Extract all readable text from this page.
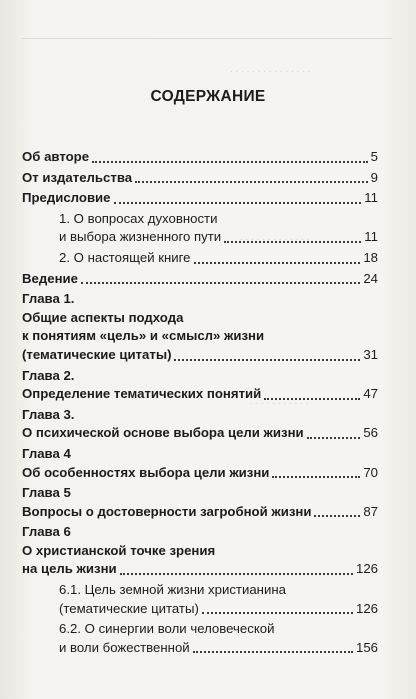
. . . . . . . . . . . . . . .
. . . . . . . . . . . . .
. . . . . . . . . . .
СОДЕРЖАНИЕ
Об авторе	5
От издательства	9
Предисловие	11
1. О вопросах духовности
и выбора жизненного пути	11
2. О настоящей книге	18
Ведение	24
Глава 1.
Общие аспекты подхода
к понятиям «цель» и «смысл» жизни
(тематические цитаты)	31
Глава 2.
Определение тематических понятий	47
Глава 3.
О психической основе выбора цели жизни	56
Глава 4
Об особенностях выбора цели жизни	70
Глава 5
Вопросы о достоверности загробной жизни	87
Глава 6
О христианской точке зрения
на цель жизни	126
6.1. Цель земной жизни христианина
(тематические цитаты)	126
6.2. О синергии воли человеческой
и воли божественной	156
